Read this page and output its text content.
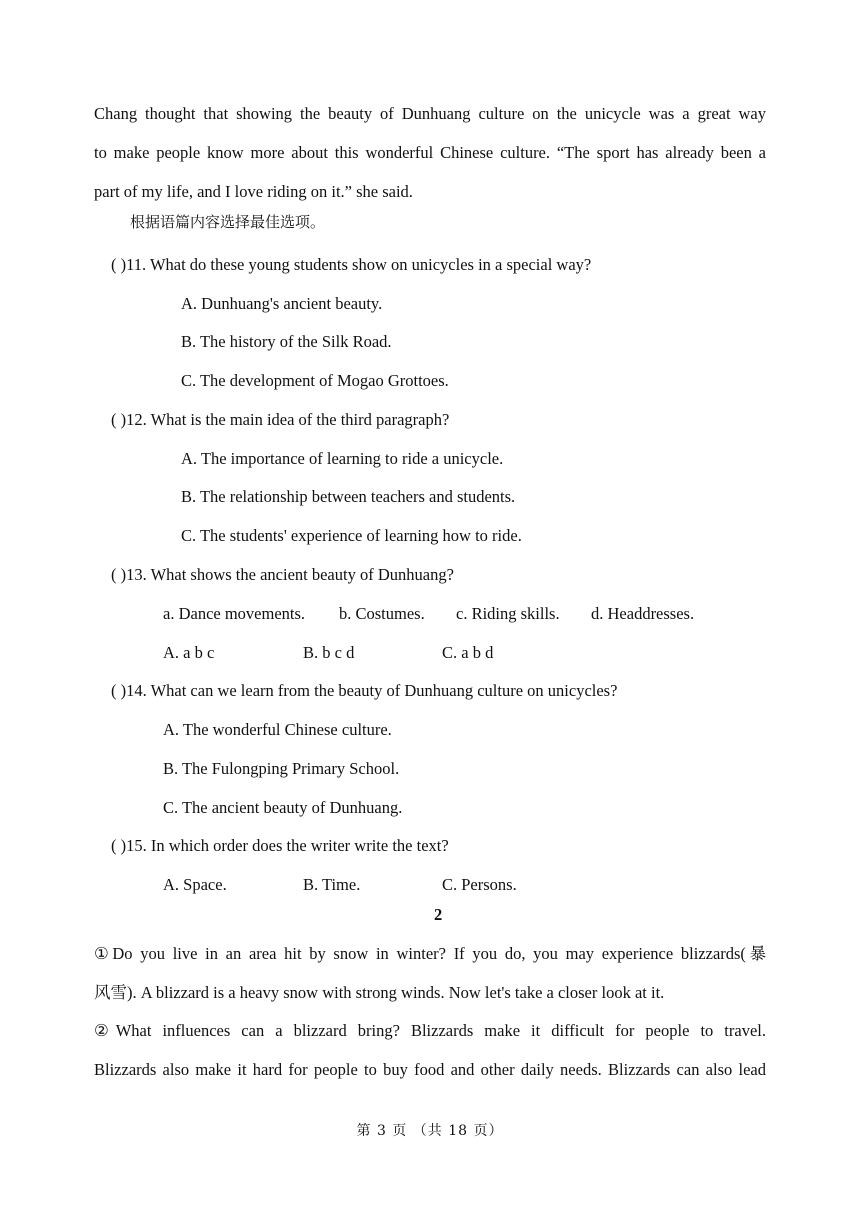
Chang thought that showing the beauty of Dunhuang culture on the unicycle was a great way
to make people know more about this wonderful Chinese culture. “The sport has already been a
part of my life, and I love riding on it.” she said.
根据语篇内容选择最佳选项。
( )11. What do these young students show on unicycles in a special way?
A. Dunhuang's ancient beauty.
B. The history of the Silk Road.
C. The development of Mogao Grottoes.
( )12. What is the main idea of the third paragraph?
A. The importance of learning to ride a unicycle.
B. The relationship between teachers and students.
C. The students' experience of learning how to ride.
( )13. What shows the ancient beauty of Dunhuang?
a. Dance movements. b. Costumes. c. Riding skills. d. Headdresses.
A. a b c	B. b c d	C. a b d
( )14. What can we learn from the beauty of Dunhuang culture on unicycles?
A. The wonderful Chinese culture.
B. The Fulongping Primary School.
C. The ancient beauty of Dunhuang.
( )15. In which order does the writer write the text?
A. Space.	B. Time.	C. Persons.
2
①Do you live in an area hit by snow in winter? If you do, you may experience blizzards(暴
风雪). A blizzard is a heavy snow with strong winds. Now let's take a closer look at it.
②What influences can a blizzard bring? Blizzards make it difficult for people to travel.
Blizzards also make it hard for people to buy food and other daily needs. Blizzards can also lead
第 3 页 （共 18 页）
